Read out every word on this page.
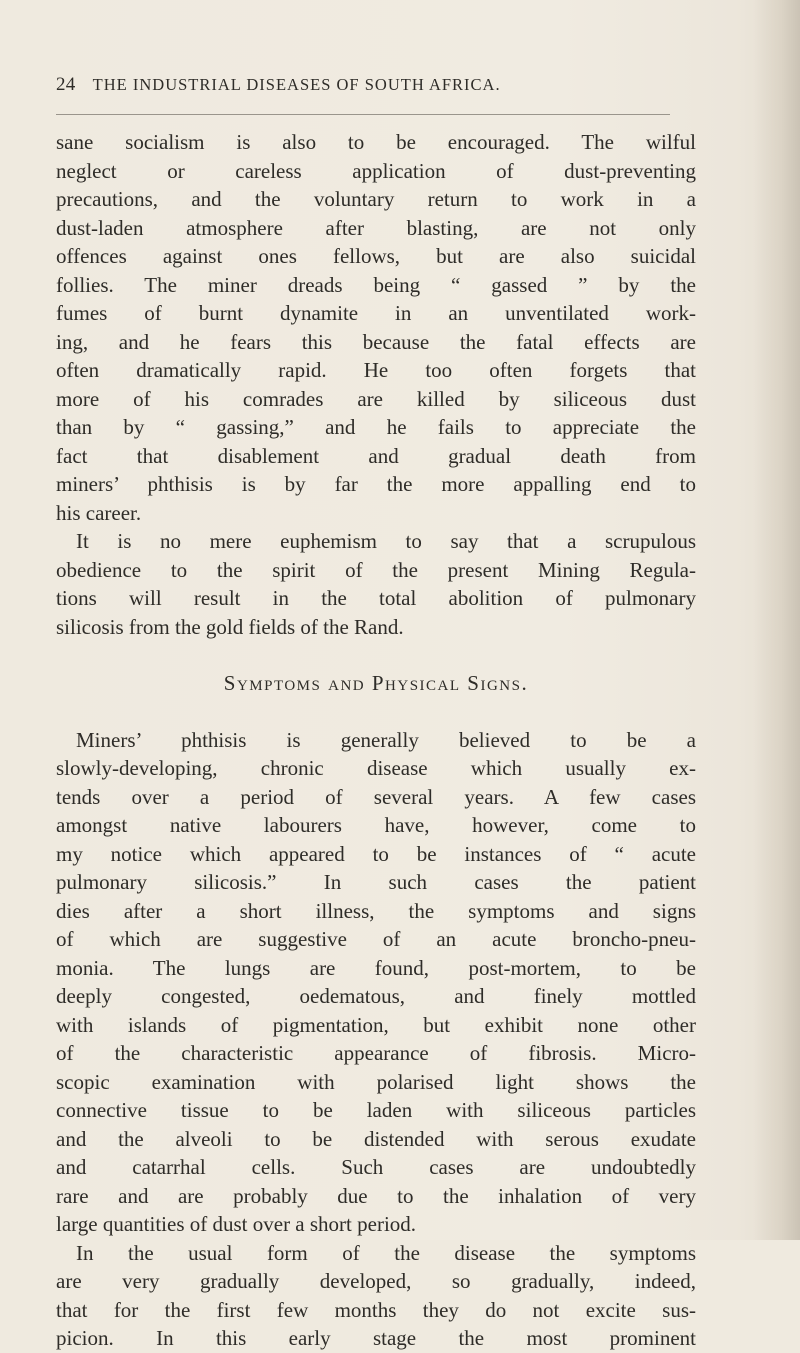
24 THE INDUSTRIAL DISEASES OF SOUTH AFRICA.
sane socialism is also to be encouraged. The wilful
neglect or careless application of dust-preventing
precautions, and the voluntary return to work in a
dust-laden atmosphere after blasting, are not only
offences against ones fellows, but are also suicidal
follies. The miner dreads being “ gassed ” by the
fumes of burnt dynamite in an unventilated work-
ing, and he fears this because the fatal effects are
often dramatically rapid. He too often forgets that
more of his comrades are killed by siliceous dust
than by “ gassing,” and he fails to appreciate the
fact that disablement and gradual death from
miners’ phthisis is by far the more appalling end to
his career.
It is no mere euphemism to say that a scrupulous
obedience to the spirit of the present Mining Regula-
tions will result in the total abolition of pulmonary
silicosis from the gold fields of the Rand.
Symptoms and Physical Signs.
Miners’ phthisis is generally believed to be a
slowly-developing, chronic disease which usually ex-
tends over a period of several years. A few cases
amongst native labourers have, however, come to
my notice which appeared to be instances of “ acute
pulmonary silicosis.” In such cases the patient
dies after a short illness, the symptoms and signs
of which are suggestive of an acute broncho-pneu-
monia. The lungs are found, post-mortem, to be
deeply congested, oedematous, and finely mottled
with islands of pigmentation, but exhibit none other
of the characteristic appearance of fibrosis. Micro-
scopic examination with polarised light shows the
connective tissue to be laden with siliceous particles
and the alveoli to be distended with serous exudate
and catarrhal cells. Such cases are undoubtedly
rare and are probably due to the inhalation of very
large quantities of dust over a short period.
In the usual form of the disease the symptoms
are very gradually developed, so gradually, indeed,
that for the first few months they do not excite sus-
picion. In this early stage the most prominent
